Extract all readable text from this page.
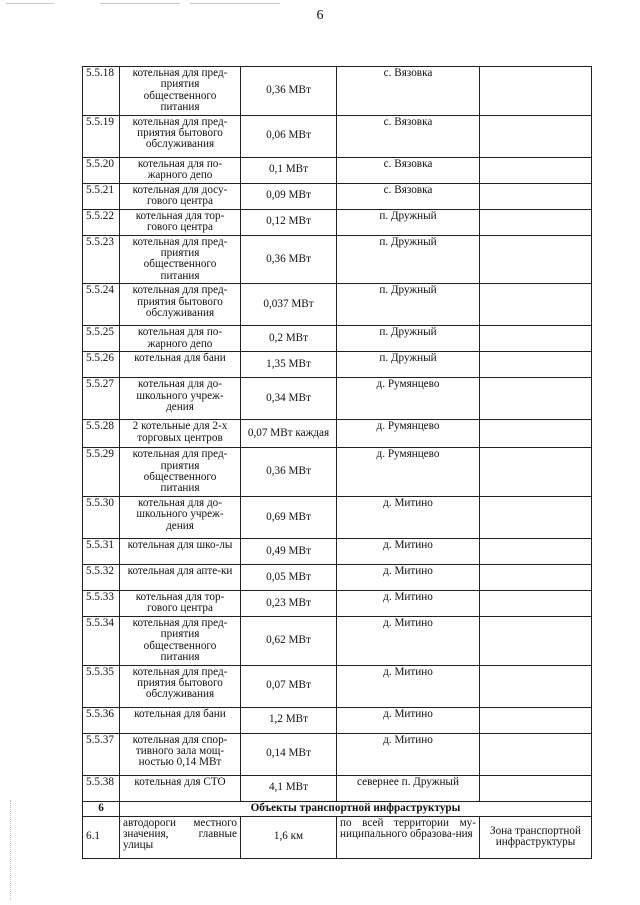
6
5.5.18	котельная для пред-приятия общественного питания	0,36 МВт	с. Вязовка	
5.5.19	котельная для пред-приятия бытового обслуживания	0,06 МВт	с. Вязовка	
5.5.20	котельная для по-жарного депо	0,1 МВт	с. Вязовка	
5.5.21	котельная для досу-гового центра	0,09 МВт	с. Вязовка	
5.5.22	котельная для тор-гового центра	0,12 МВт	п. Дружный	
5.5.23	котельная для пред-приятия общественного питания	0,36 МВт	п. Дружный	
5.5.24	котельная для пред-приятия бытового обслуживания	0,037 МВт	п. Дружный	
5.5.25	котельная для по-жарного депо	0,2 МВт	п. Дружный	
5.5.26	котельная для бани	1,35 МВт	п. Дружный	
5.5.27	котельная для до-школьного учреж-дения	0,34 МВт	д. Румянцево	
5.5.28	2 котельные для 2-х торговых центров	0,07 МВт каждая	д. Румянцево	
5.5.29	котельная для пред-приятия общественного питания	0,36 МВт	д. Румянцево	
5.5.30	котельная для до-школьного учреж-дения	0,69 МВт	д. Митино	
5.5.31	котельная для шко-лы	0,49 МВт	д. Митино	
5.5.32	котельная для апте-ки	0,05 МВт	д. Митино	
5.5.33	котельная для тор-гового центра	0,23 МВт	д. Митино	
5.5.34	котельная для пред-приятия общественного питания	0,62 МВт	д. Митино	
5.5.35	котельная для пред-приятия бытового обслуживания	0,07 МВт	д. Митино	
5.5.36	котельная для бани	1,2 МВт	д. Митино	
5.5.37	котельная для спор-тивного зала мощ-ностью 0,14 МВт	0,14 МВт	д. Митино	
5.5.38	котельная для СТО	4,1 МВт	севернее п. Дружный	
6	Объекты транспортной инфраструктуры			
6.1	автодороги местного значения, главные улицы	1,6 км	по всей территории му-ниципального образова-ния	Зона транспортной инфраструктуры
